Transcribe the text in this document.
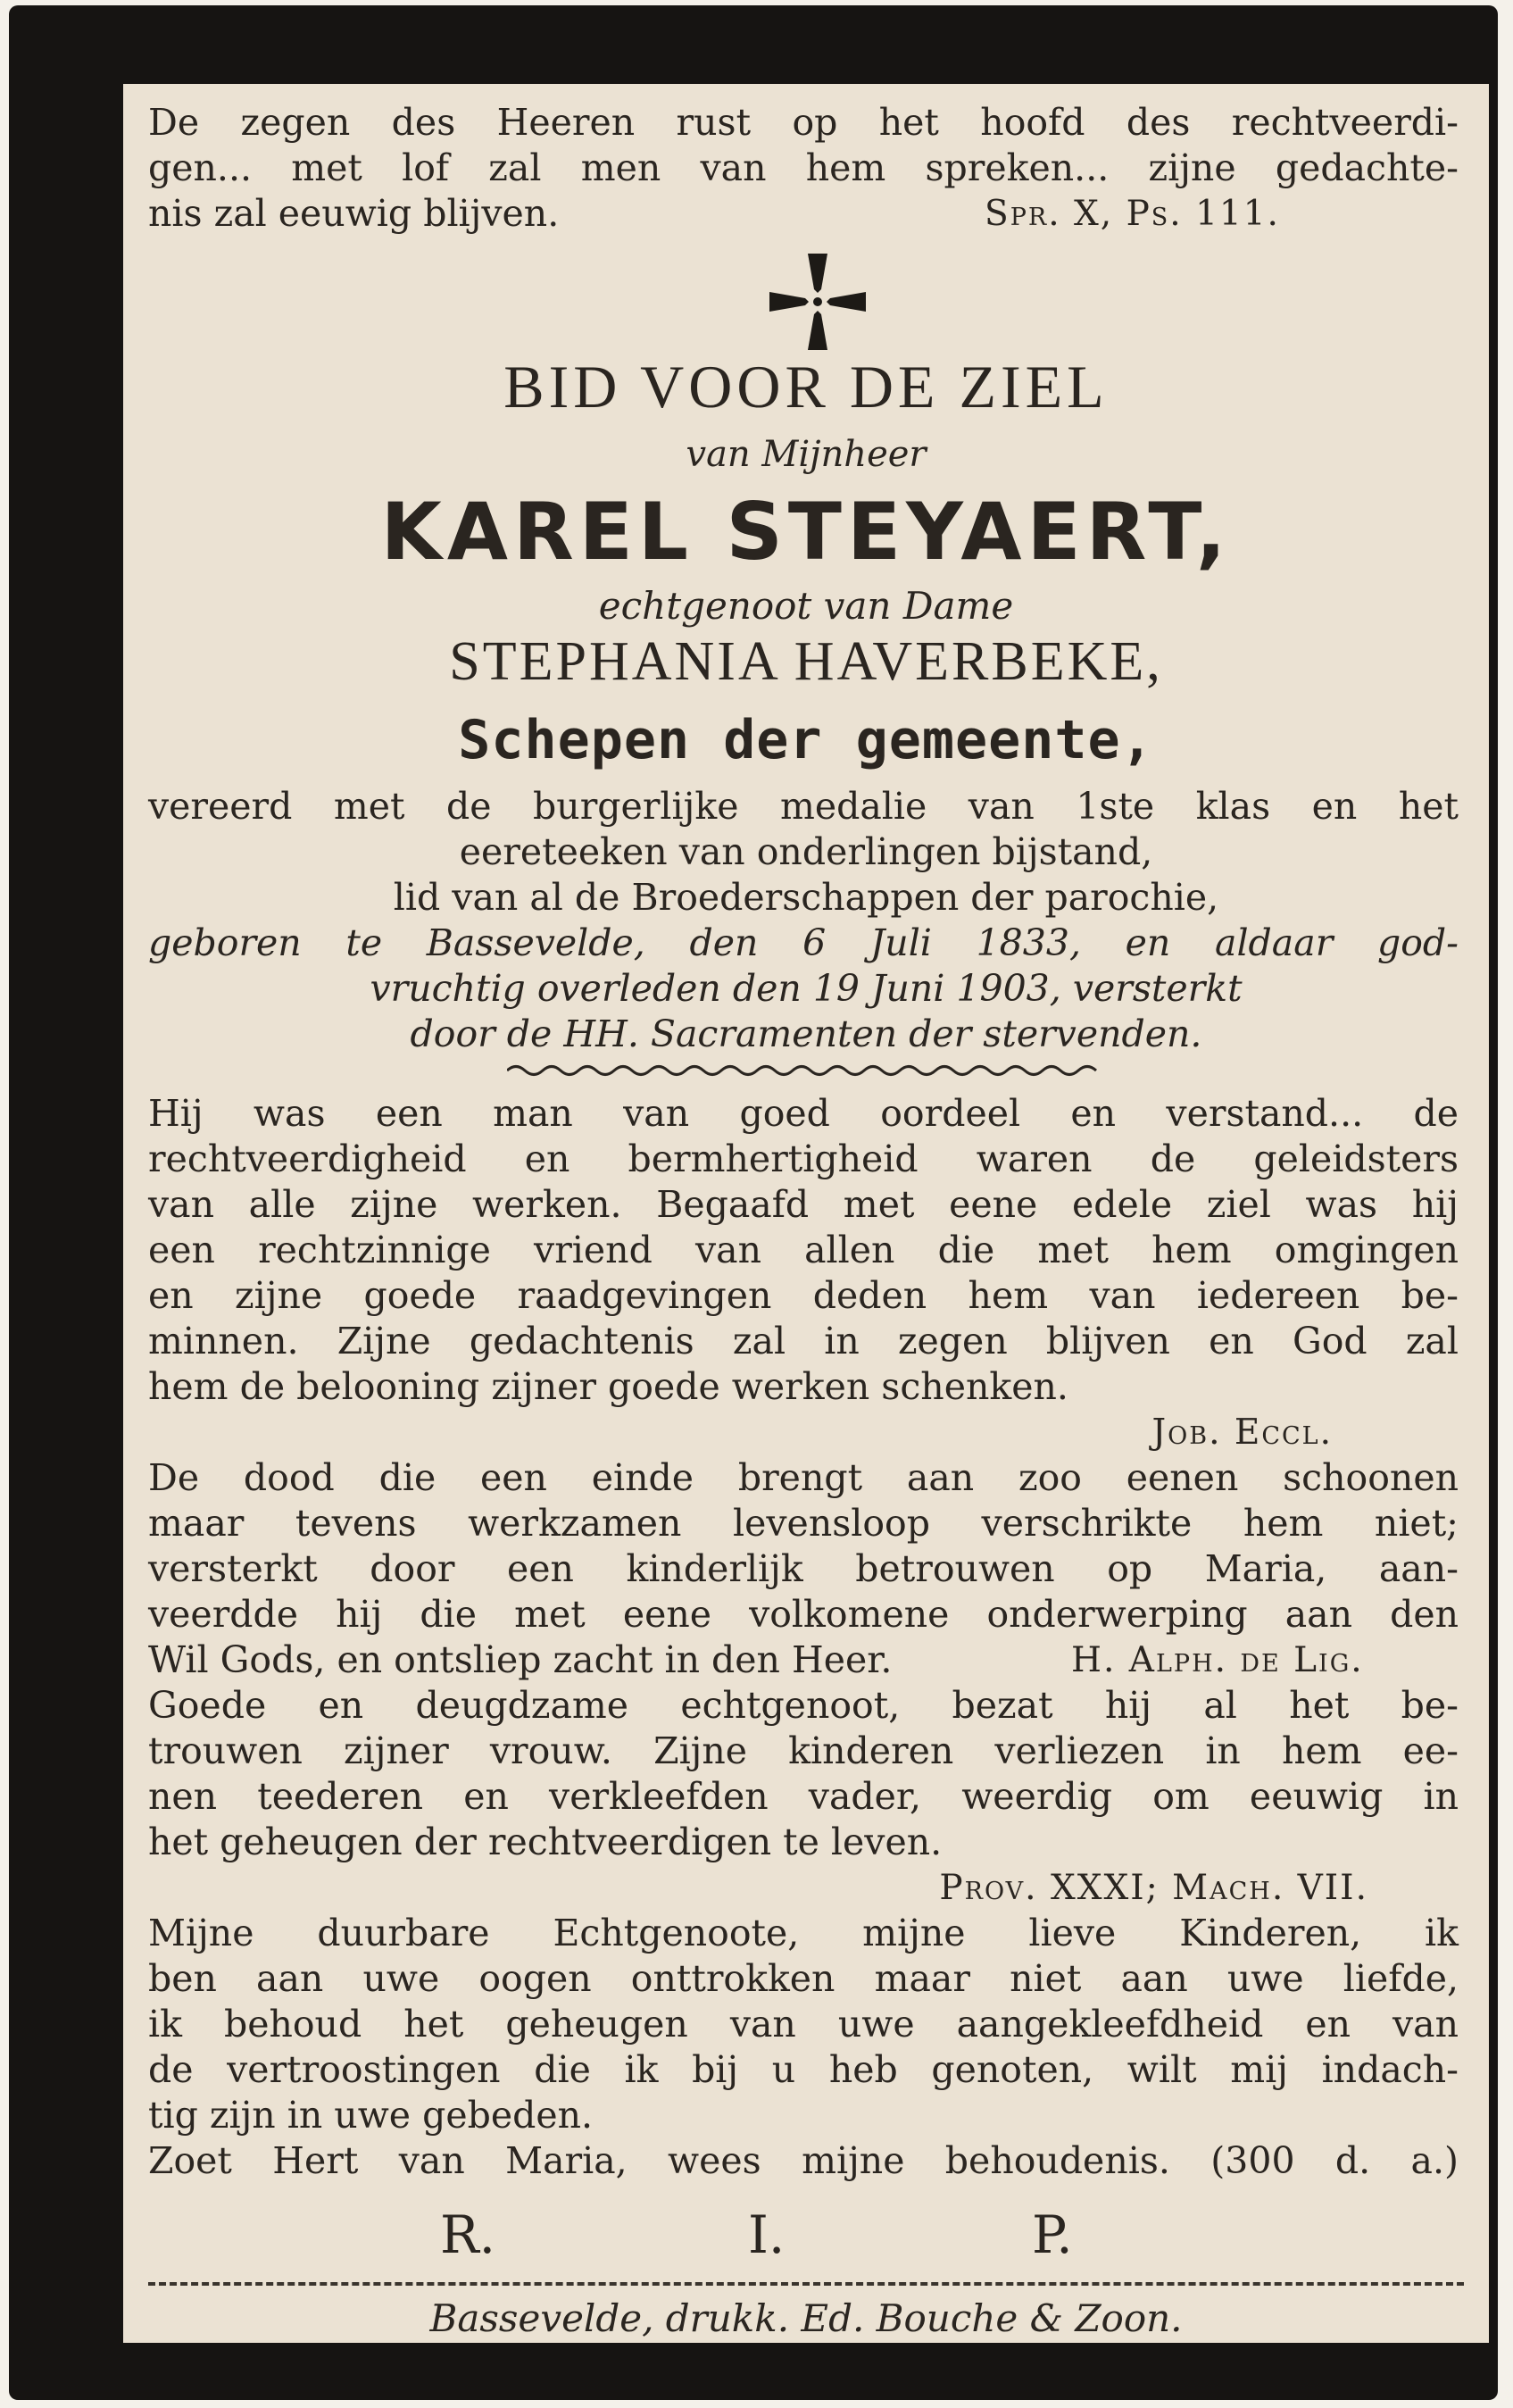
De zegen des Heeren rust op het hoofd des rechtveerdi-
gen... met lof zal men van hem spreken... zijne gedachte-
nis zal eeuwig blijven.	Spr. X, Ps. 111.
BID VOOR DE ZIEL
van Mijnheer
KAREL STEYAERT,
echtgenoot van Dame
STEPHANIA HAVERBEKE,
Schepen der gemeente,
vereerd met de burgerlijke medalie van 1ste klas en het
eereteeken van onderlingen bijstand,
lid van al de Broederschappen der parochie,
geboren te Bassevelde, den 6 Juli 1833, en aldaar god-
vruchtig overleden den 19 Juni 1903, versterkt
door de HH. Sacramenten der stervenden.
Hij was een man van goed oordeel en verstand... de
rechtveerdigheid en bermhertigheid waren de geleidsters
van alle zijne werken. Begaafd met eene edele ziel was hij
een rechtzinnige vriend van allen die met hem omgingen
en zijne goede raadgevingen deden hem van iedereen be-
minnen. Zijne gedachtenis zal in zegen blijven en God zal
hem de belooning zijner goede werken schenken.
Job. Eccl.
De dood die een einde brengt aan zoo eenen schoonen
maar tevens werkzamen levensloop verschrikte hem niet;
versterkt door een kinderlijk betrouwen op Maria, aan-
veerdde hij die met eene volkomene onderwerping aan den
Wil Gods, en ontsliep zacht in den Heer.	H. Alph. de Lig.
Goede en deugdzame echtgenoot, bezat hij al het be-
trouwen zijner vrouw. Zijne kinderen verliezen in hem ee-
nen teederen en verkleefden vader, weerdig om eeuwig in
het geheugen der rechtveerdigen te leven.
Prov. XXXI; Mach. VII.
Mijne duurbare Echtgenoote, mijne lieve Kinderen, ik
ben aan uwe oogen onttrokken maar niet aan uwe liefde,
ik behoud het geheugen van uwe aangekleefdheid en van
de vertroostingen die ik bij u heb genoten, wilt mij indach-
tig zijn in uwe gebeden.
Zoet Hert van Maria, wees mijne behoudenis. (300 d. a.)
R.	I.	P.
Bassevelde, drukk. Ed. Bouche & Zoon.
